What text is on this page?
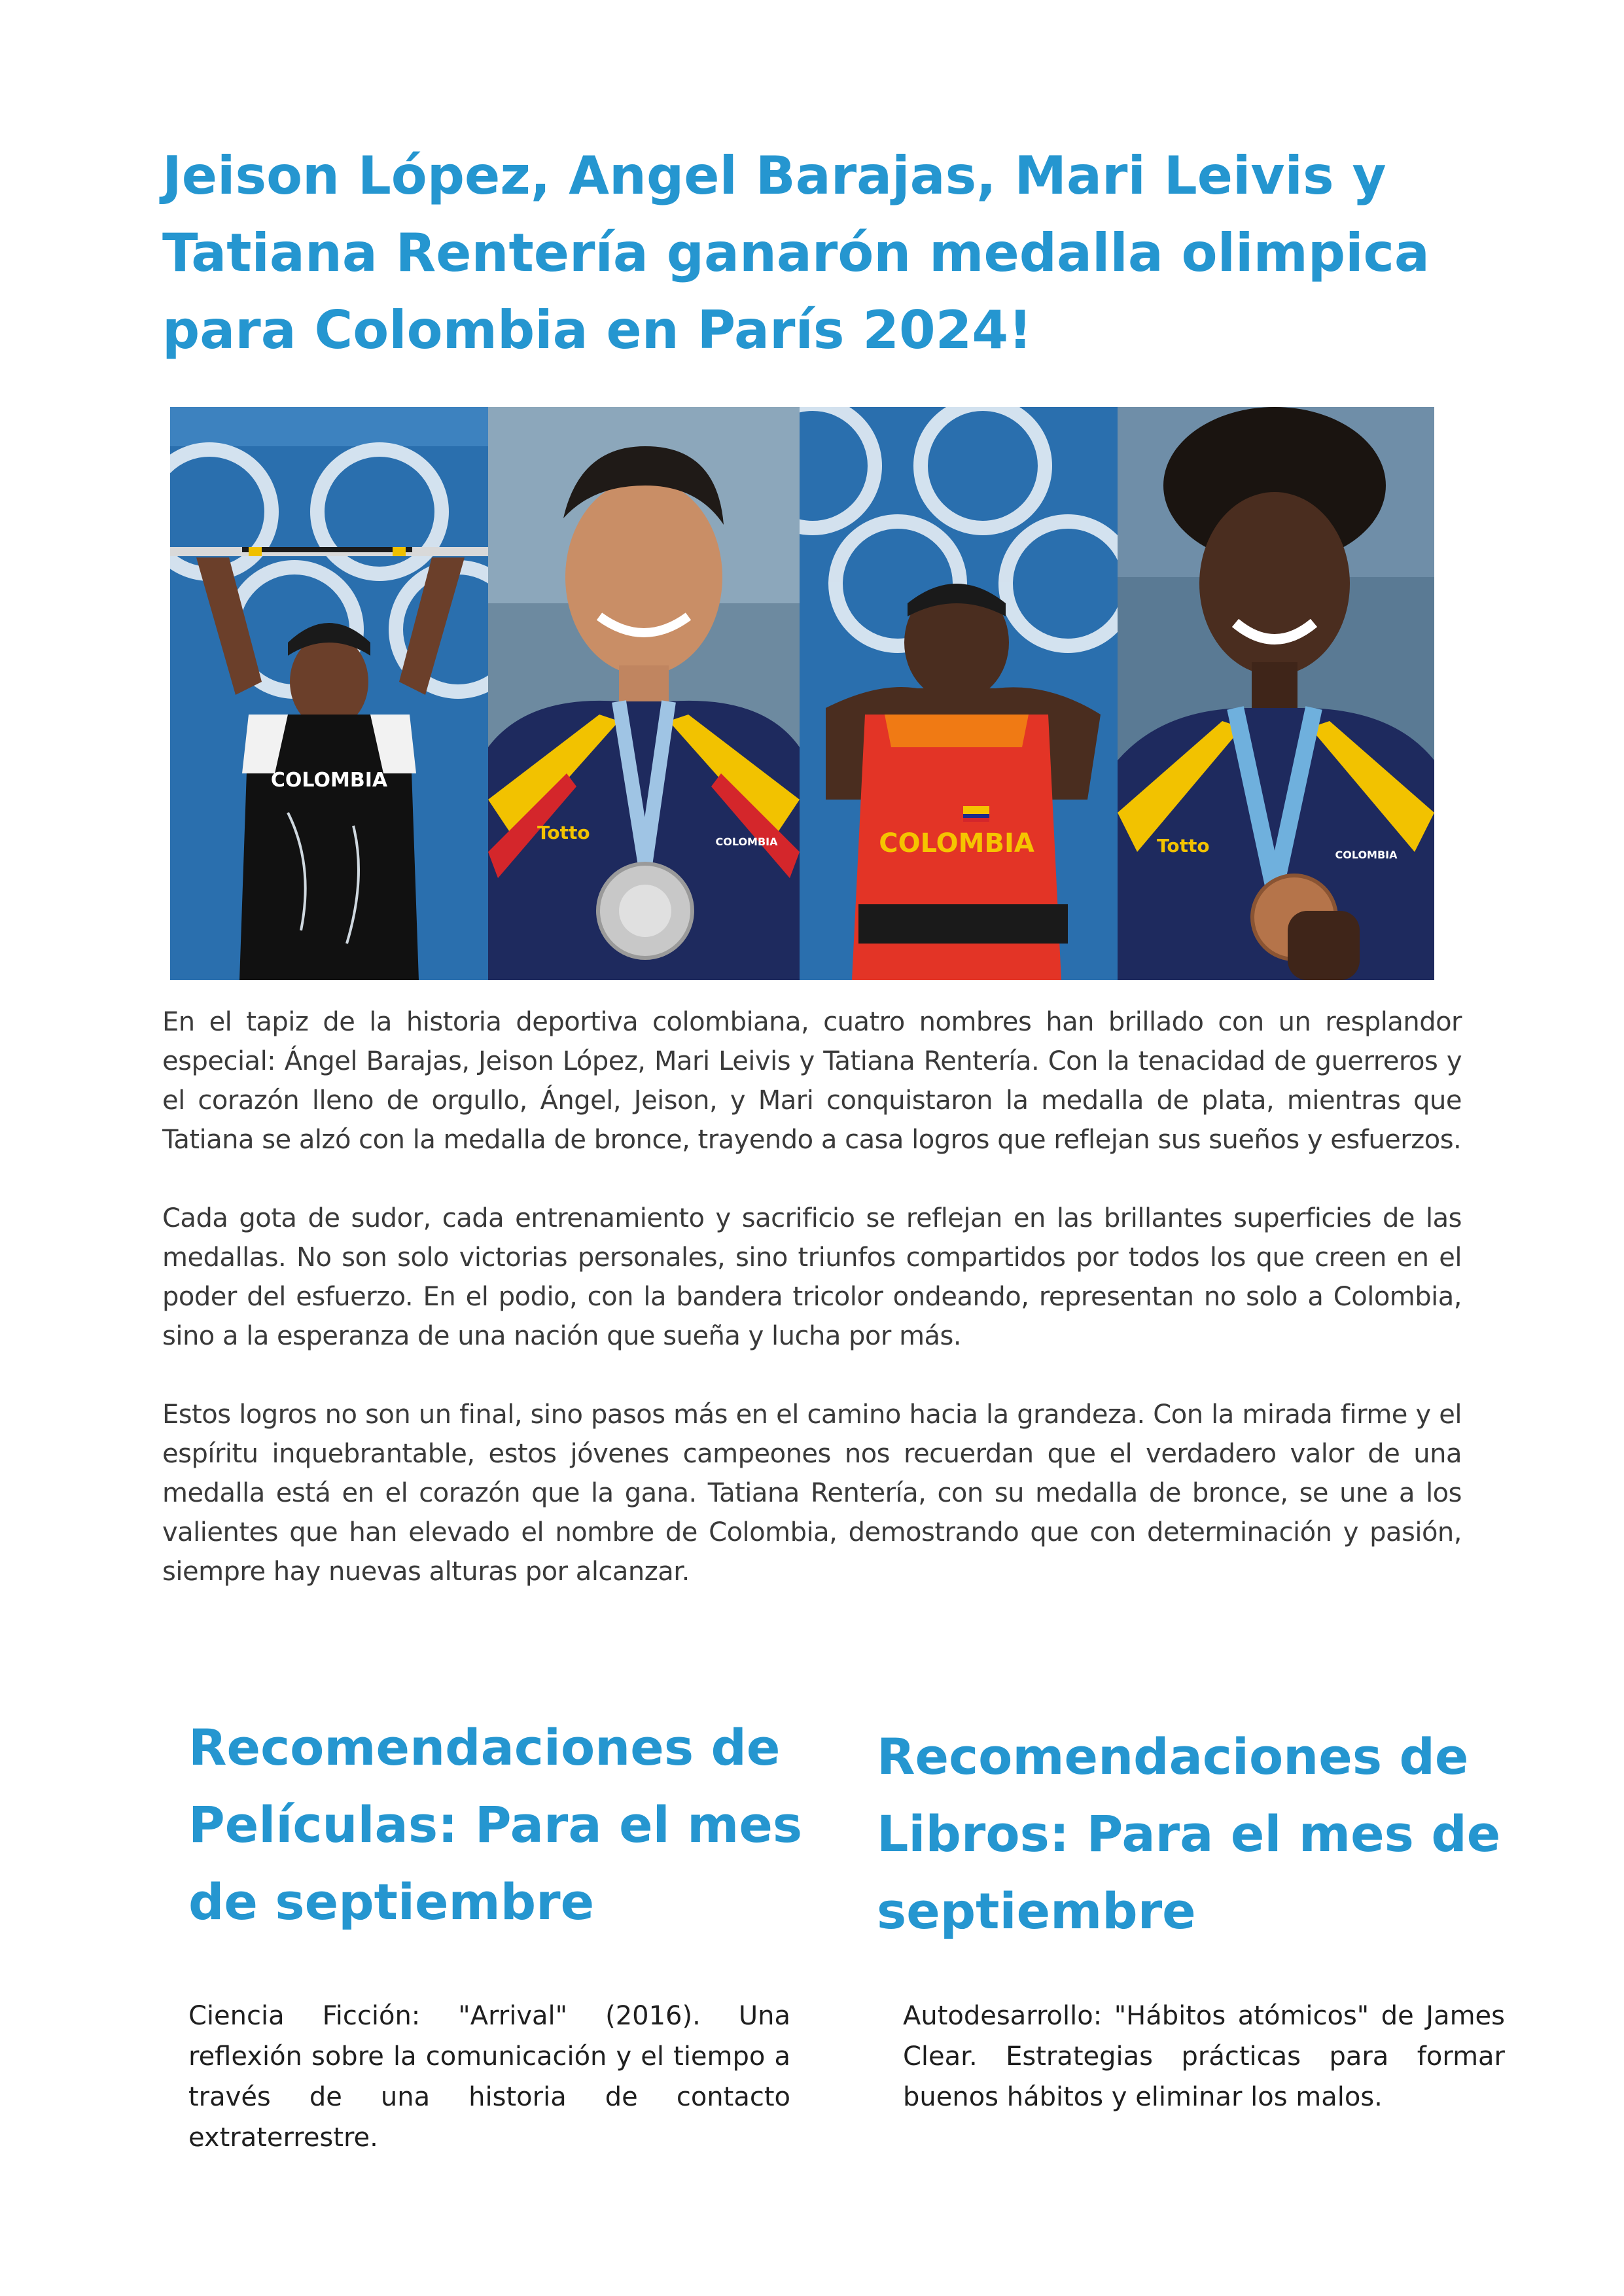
Jeison López, Angel Barajas, Mari Leivis y Tatiana Rentería ganarón medalla olimpica para Colombia en París 2024!
COLOMBIA
Totto	COLOMBIA	COLOMBIA	Totto	COLOMBIA

En el tapiz de la historia deportiva colombiana, cuatro nombres han brillado con un resplandor especial: Ángel Barajas, Jeison López, Mari Leivis y Tatiana Rentería. Con la tenacidad de guerreros y el corazón lleno de orgullo, Ángel, Jeison, y Mari conquistaron la medalla de plata, mientras que Tatiana se alzó con la medalla de bronce, trayendo a casa logros que reflejan sus sueños y esfuerzos.

Cada gota de sudor, cada entrenamiento y sacrificio se reflejan en las brillantes superficies de las medallas. No son solo victorias personales, sino triunfos compartidos por todos los que creen en el poder del esfuerzo. En el podio, con la bandera tricolor ondeando, representan no solo a Colombia, sino a la esperanza de una nación que sueña y lucha por más.

Estos logros no son un final, sino pasos más en el camino hacia la grandeza. Con la mirada firme y el espíritu inquebrantable, estos jóvenes campeones nos recuerdan que el verdadero valor de una medalla está en el corazón que la gana. Tatiana Rentería, con su medalla de bronce, se une a los valientes que han elevado el nombre de Colombia, demostrando que con determinación y pasión, siempre hay nuevas alturas por alcanzar.

Recomendaciones de Películas: Para el mes de septiembre
Recomendaciones de Libros: Para el mes de septiembre

Ciencia Ficción: "Arrival" (2016). Una reflexión sobre la comunicación y el tiempo a través de una historia de contacto extraterrestre.

Autodesarrollo: "Hábitos atómicos" de James Clear. Estrategias prácticas para formar buenos hábitos y eliminar los malos.
